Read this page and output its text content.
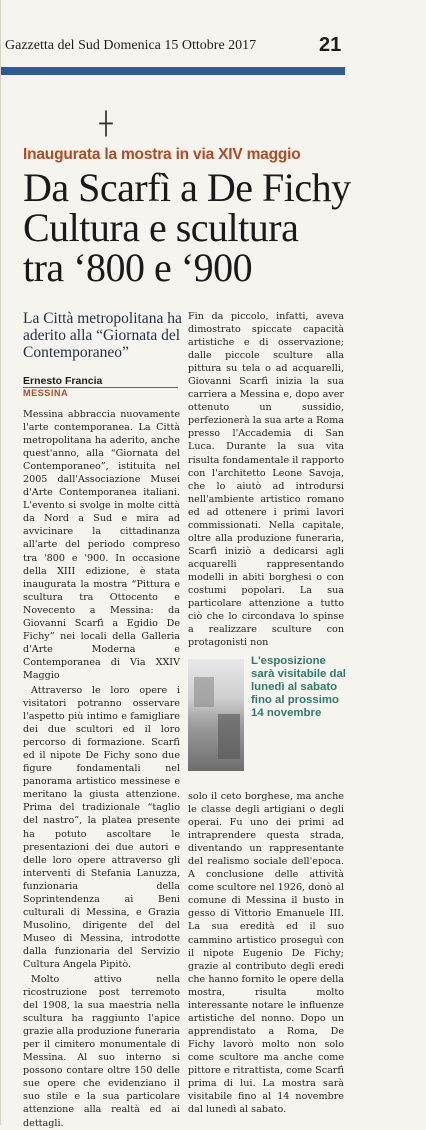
Gazzetta del Sud Domenica 15 Ottobre 2017	21
┼
Inaugurata la mostra in via XIV maggio
Da Scarfì a De Fichy
Cultura e scultura
tra ‘800 e ‘900
La Città metropolitana ha aderito alla “Giornata del Contemporaneo”
Ernesto Francia
MESSINA

Messina abbraccia nuovamente l'arte contemporanea. La Città metropolitana ha aderito, anche quest'anno, alla “Giornata del Contemporaneo”, istituita nel 2005 dall'Associazione Musei d'Arte Contemporanea italiani. L'evento si svolge in molte città da Nord a Sud e mira ad avvicinare la cittadinanza all'arte del periodo compreso tra '800 e '900. In occasione della XIII edizione, è stata inaugurata la mostra “Pittura e scultura tra Ottocento e Novecento a Messina: da Giovanni Scarfì a Egidio De Fichy” nei locali della Galleria d'Arte Moderna e Contemporanea di Via XXIV Maggio

Attraverso le loro opere i visitatori potranno osservare l'aspetto più intimo e famigliare dei due scultori ed il loro percorso di formazione. Scarfì ed il nipote De Fichy sono due figure fondamentali nel panorama artistico messinese e meritano la giusta attenzione. Prima del tradizionale “taglio del nastro”, la platea presente ha potuto ascoltare le presentazioni dei due autori e delle loro opere attraverso gli interventi di Stefania Lanuzza, funzionaria della Soprintendenza ai Beni culturali di Messina, e Grazia Musolino, dirigente del del Museo di Messina, introdotte dalla funzionaria del Servizio Cultura Angela Pipitò.

Molto attivo nella ricostruzione post terremoto del 1908, la sua maestria nella scultura ha raggiunto l'apice grazie alla produzione funeraria per il cimitero monumentale di Messina. Al suo interno si possono contare oltre 150 delle sue opere che evidenziano il suo stile e la sua particolare attenzione alla realtà ed ai dettagli.

Fin da piccolo, infatti, aveva dimostrato spiccate capacità artistiche e di osservazione; dalle piccole sculture alla pittura su tela o ad acquarelli, Giovanni Scarfì inizia la sua carriera a Messina e, dopo aver ottenuto un sussidio, perfezionerà la sua arte a Roma presso l'Accademia di San Luca. Durante la sua vita risulta fondamentale il rapporto con l'architetto Leone Savoja, che lo aiutò ad introdursi nell'ambiente artistico romano ed ad ottenere i primi lavori commissionati. Nella capitale, oltre alla produzione funeraria, Scarfì iniziò a dedicarsi agli acquarelli rappresentando modelli in abiti borghesi o con costumi popolari. La sua particolare attenzione a tutto ciò che lo circondava lo spinse a realizzare sculture con protagonisti non

L'esposizione sarà visitabile dal lunedì al sabato fino al prossimo 14 novembre

solo il ceto borghese, ma anche le classe degli artigiani o degli operai. Fu uno dei primi ad intraprendere questa strada, diventando un rappresentante del realismo sociale dell'epoca. A conclusione delle attività come scultore nel 1926, donò al comune di Messina il busto in gesso di Vittorio Emanuele III. La sua eredità ed il suo cammino artistico proseguì con il nipote Eugenio De Fichy; grazie al contributo degli eredi che hanno fornito le opere della mostra, risulta molto interessante notare le influenze artistiche del nonno. Dopo un apprendistato a Roma, De Fichy lavorò molto non solo come scultore ma anche come pittore e ritrattista, come Scarfì prima di lui. La mostra sarà visitabile fino al 14 novembre dal lunedì al sabato.
